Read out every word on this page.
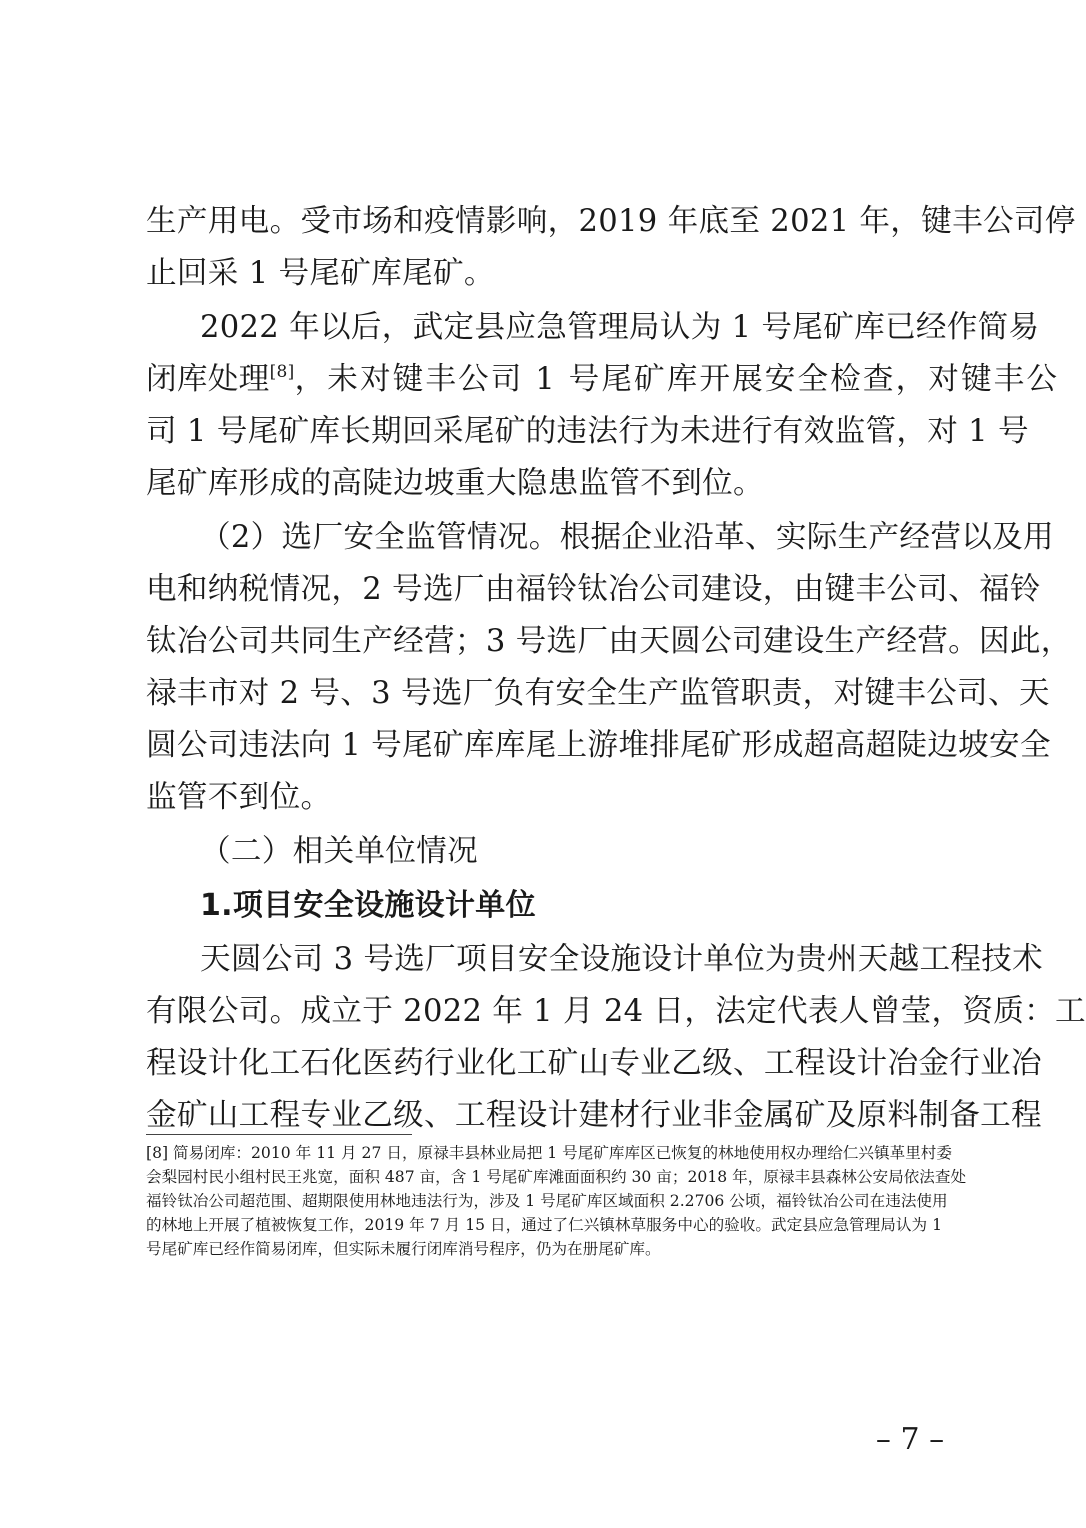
生产用电。受市场和疫情影响，2019 年底至 2021 年，键丰公司停
止回采 1 号尾矿库尾矿。
2022 年以后，武定县应急管理局认为 1 号尾矿库已经作简易
闭库处理[8]，未对键丰公司 1 号尾矿库开展安全检查，对键丰公
司 1 号尾矿库长期回采尾矿的违法行为未进行有效监管，对 1 号
尾矿库形成的高陡边坡重大隐患监管不到位。
（2）选厂安全监管情况。根据企业沿革、实际生产经营以及用
电和纳税情况，2 号选厂由福铃钛冶公司建设，由键丰公司、福铃
钛冶公司共同生产经营；3 号选厂由天圆公司建设生产经营。因此，
禄丰市对 2 号、3 号选厂负有安全生产监管职责，对键丰公司、天
圆公司违法向 1 号尾矿库库尾上游堆排尾矿形成超高超陡边坡安全
监管不到位。
（二）相关单位情况
1.项目安全设施设计单位
天圆公司 3 号选厂项目安全设施设计单位为贵州天越工程技术
有限公司。成立于 2022 年 1 月 24 日，法定代表人曾莹，资质：工
程设计化工石化医药行业化工矿山专业乙级、工程设计冶金行业冶
金矿山工程专业乙级、工程设计建材行业非金属矿及原料制备工程
[8] 简易闭库：2010 年 11 月 27 日，原禄丰县林业局把 1 号尾矿库库区已恢复的林地使用权办理给仁兴镇革里村委
会梨园村民小组村民王兆宽，面积 487 亩，含 1 号尾矿库滩面面积约 30 亩；2018 年，原禄丰县森林公安局依法查处
福铃钛冶公司超范围、超期限使用林地违法行为，涉及 1 号尾矿库区域面积 2.2706 公顷，福铃钛冶公司在违法使用
的林地上开展了植被恢复工作，2019 年 7 月 15 日，通过了仁兴镇林草服务中心的验收。武定县应急管理局认为 1
号尾矿库已经作简易闭库，但实际未履行闭库消号程序，仍为在册尾矿库。
– 7 –
